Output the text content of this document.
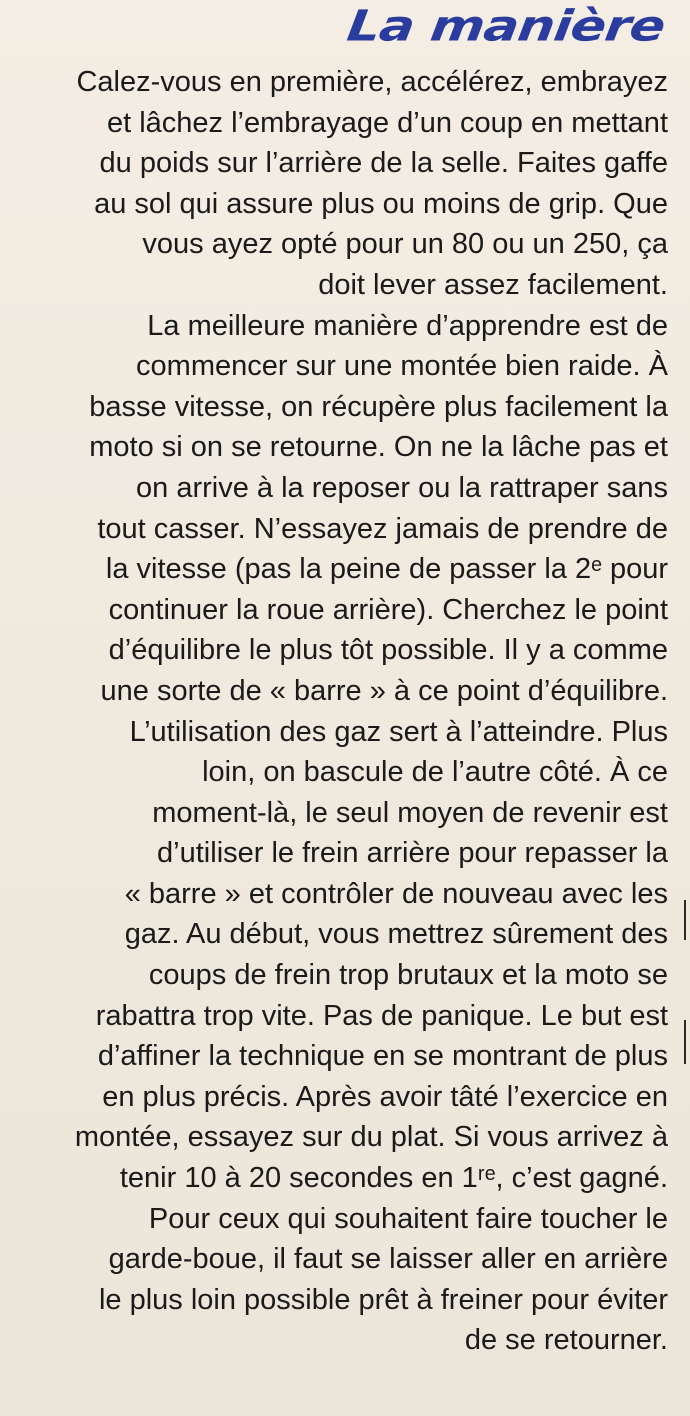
La manière
Calez-vous en première, accélérez, embrayez
et lâchez l’embrayage d’un coup en mettant
du poids sur l’arrière de la selle. Faites gaffe
au sol qui assure plus ou moins de grip. Que
vous ayez opté pour un 80 ou un 250, ça
doit lever assez facilement.
La meilleure manière d’apprendre est de
commencer sur une montée bien raide. À
basse vitesse, on récupère plus facilement la
moto si on se retourne. On ne la lâche pas et
on arrive à la reposer ou la rattraper sans
tout casser. N’essayez jamais de prendre de
la vitesse (pas la peine de passer la 2ᵉ pour
continuer la roue arrière). Cherchez le point
d’équilibre le plus tôt possible. Il y a comme
une sorte de « barre » à ce point d’équilibre.
L’utilisation des gaz sert à l’atteindre. Plus
loin, on bascule de l’autre côté. À ce
moment-là, le seul moyen de revenir est
d’utiliser le frein arrière pour repasser la
« barre » et contrôler de nouveau avec les
gaz. Au début, vous mettrez sûrement des
coups de frein trop brutaux et la moto se
rabattra trop vite. Pas de panique. Le but est
d’affiner la technique en se montrant de plus
en plus précis. Après avoir tâté l’exercice en
montée, essayez sur du plat. Si vous arrivez à
tenir 10 à 20 secondes en 1ʳᵉ, c’est gagné.
Pour ceux qui souhaitent faire toucher le
garde-boue, il faut se laisser aller en arrière
le plus loin possible prêt à freiner pour éviter
de se retourner.
